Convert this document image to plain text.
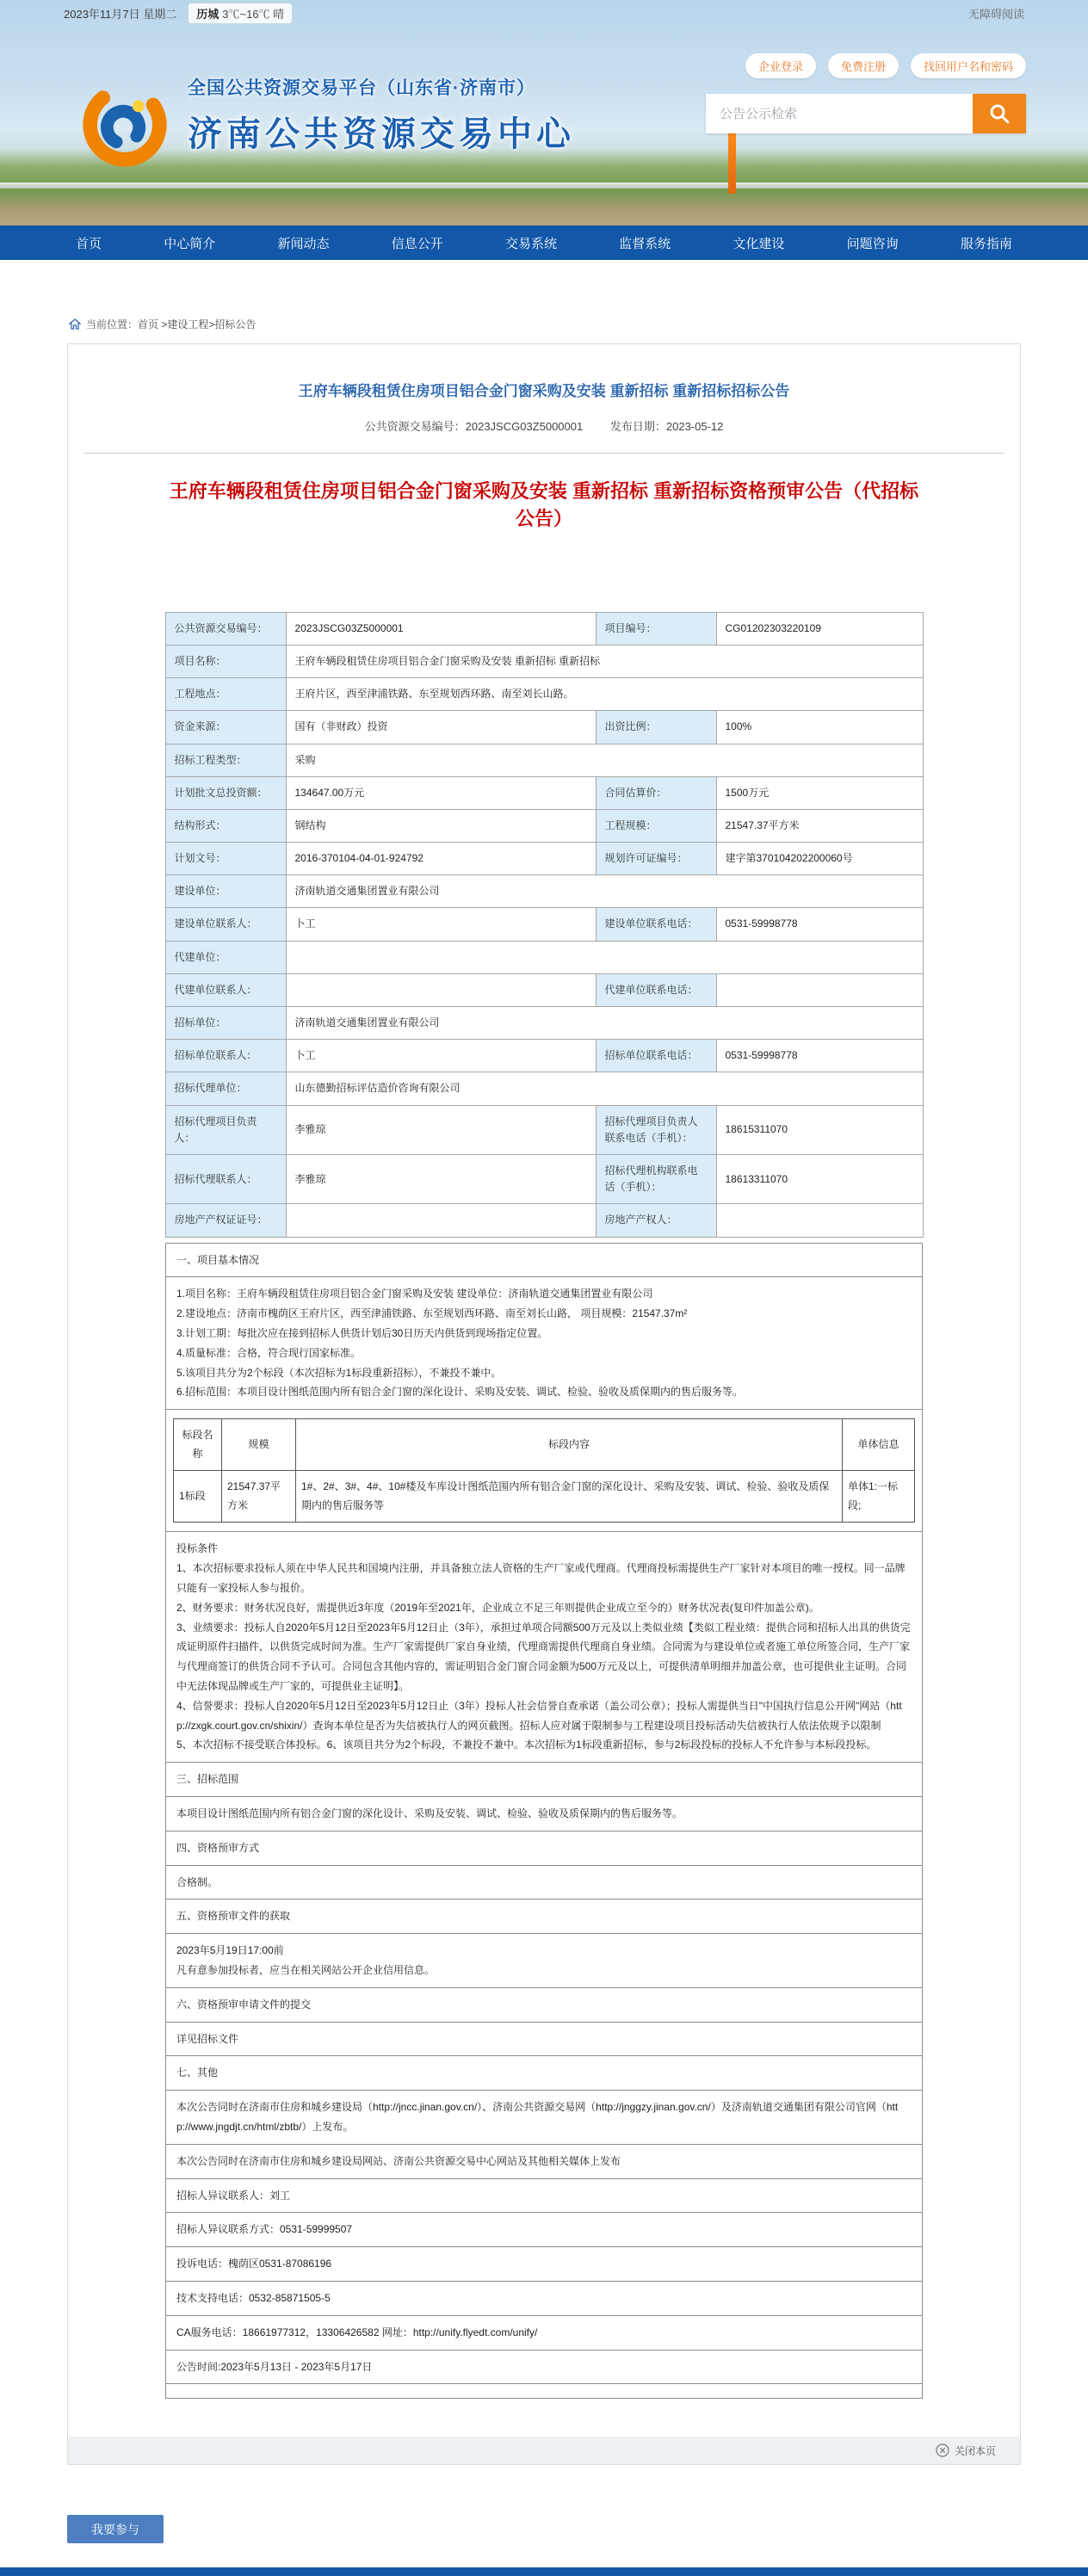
2023年11月7日 星期二	历城 3℃~16℃ 晴	无障碍阅读
全国公共资源交易平台（山东省·济南市）
济南公共资源交易中心
企业登录	免费注册	找回用户名和密码
公告公示检索
首页	中心简介	新闻动态	信息公开	交易系统	监督系统	文化建设	问题咨询	服务指南
当前位置： 首页 >建设工程>招标公告
王府车辆段租赁住房项目铝合金门窗采购及安装 重新招标 重新招标招标公告
公共资源交易编号：2023JSCG03Z5000001 发布日期：2023-05-12
王府车辆段租赁住房项目铝合金门窗采购及安装 重新招标 重新招标资格预审公告（代招标公告）
公共资源交易编号：	2023JSCG03Z5000001	项目编号：	CG01202303220109
项目名称：	王府车辆段租赁住房项目铝合金门窗采购及安装 重新招标 重新招标		
工程地点：	王府片区，西至津浦铁路、东至规划西环路、南至刘长山路。		
资金来源：	国有（非财政）投资	出资比例：	100%
招标工程类型：	采购		
计划批文总投资额：	134647.00万元	合同估算价：	1500万元
结构形式：	钢结构	工程规模：	21547.37平方米
计划文号：	2016-370104-04-01-924792	规划许可证编号：	建字第370104202200060号
建设单位：	济南轨道交通集团置业有限公司		
建设单位联系人：	卜工	建设单位联系电话：	0531-59998778
代建单位：			
代建单位联系人：		代建单位联系电话：	
招标单位：	济南轨道交通集团置业有限公司		
招标单位联系人：	卜工	招标单位联系电话：	0531-59998778
招标代理单位：	山东德勤招标评估造价咨询有限公司		
招标代理项目负责人：	李雅琼	招标代理项目负责人联系电话（手机）：	18615311070
招标代理联系人：	李雅琼	招标代理机构联系电话（手机）：	18613311070
房地产产权证证号：		房地产产权人：	
一、项目基本情况

1.项目名称：王府车辆段租赁住房项目铝合金门窗采购及安装 建设单位：济南轨道交通集团置业有限公司
2.建设地点：济南市槐荫区王府片区，西至津浦铁路、东至规划西环路、南至刘长山路， 项目规模：21547.37m²
3.计划工期：每批次应在接到招标人供货计划后30日历天内供货到现场指定位置。
4.质量标准：合格，符合现行国家标准。
5.该项目共分为2个标段（本次招标为1标段重新招标），不兼投不兼中。
6.招标范围：本项目设计图纸范围内所有铝合金门窗的深化设计、采购及安装、调试、检验、验收及质保期内的售后服务等。

标段名称	规模	标段内容	单体信息
1标段	21547.37平方米	1#、2#、3#、4#、10#楼及车库设计图纸范围内所有铝合金门窗的深化设计、采购及安装、调试、检验、验收及质保期内的售后服务等	单体1:一标段;

投标条件
1、本次招标要求投标人须在中华人民共和国境内注册，并具备独立法人资格的生产厂家或代理商。代理商投标需提供生产厂家针对本项目的唯一授权。同一品牌只能有一家投标人参与报价。
2、财务要求：财务状况良好，需提供近3年度（2019年至2021年，企业成立不足三年则提供企业成立至今的）财务状况表(复印件加盖公章)。
3、业绩要求：投标人自2020年5月12日至2023年5月12日止（3年），承担过单项合同额500万元及以上类似业绩【类似工程业绩：提供合同和招标人出具的供货完成证明原件扫描件，以供货完成时间为准。生产厂家需提供厂家自身业绩，代理商需提供代理商自身业绩。合同需为与建设单位或者施工单位所签合同，生产厂家与代理商签订的供货合同不予认可。合同包含其他内容的，需证明铝合金门窗合同金额为500万元及以上，可提供清单明细并加盖公章，也可提供业主证明。合同中无法体现品牌或生产厂家的，可提供业主证明】。
4、信誉要求：投标人自2020年5月12日至2023年5月12日止（3年）投标人社会信誉自查承诺（盖公司公章）；投标人需提供当日"中国执行信息公开网"网站（http://zxgk.court.gov.cn/shixin/）查询本单位是否为失信被执行人的网页截图。招标人应对属于限制参与工程建设项目投标活动失信被执行人依法依规予以限制
5、本次招标不接受联合体投标。6、该项目共分为2个标段，不兼投不兼中。本次招标为1标段重新招标，参与2标段投标的投标人不允许参与本标段投标。

三、招标范围

本项目设计图纸范围内所有铝合金门窗的深化设计、采购及安装、调试、检验、验收及质保期内的售后服务等。

四、资格预审方式

合格制。

五、资格预审文件的获取

2023年5月19日17:00前
凡有意参加投标者，应当在相关网站公开企业信用信息。

六、资格预审申请文件的提交

详见招标文件

七、其他

本次公告同时在济南市住房和城乡建设局（http://jncc.jinan.gov.cn/）、济南公共资源交易网（http://jnggzy.jinan.gov.cn/）及济南轨道交通集团有限公司官网（http://www.jngdjt.cn/html/zbtb/）上发布。

本次公告同时在济南市住房和城乡建设局网站、济南公共资源交易中心网站及其他相关媒体上发布

招标人异议联系人：刘工

招标人异议联系方式：0531-59999507

投诉电话：槐荫区0531-87086196

技术支持电话：0532-85871505-5

CA服务电话：18661977312，13306426582 网址：http://unify.flyedt.com/unify/

公告时间:2023年5月13日 - 2023年5月17日

关闭本页
我要参与
